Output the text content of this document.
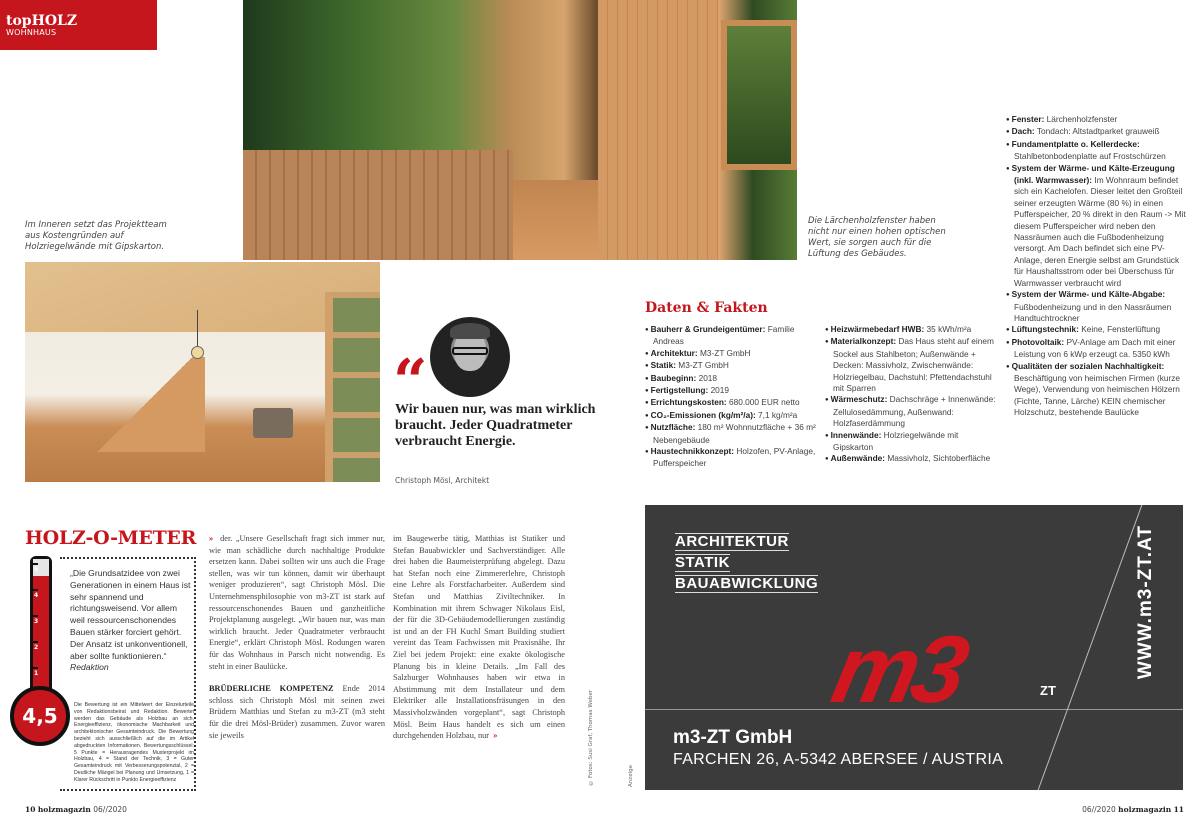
topHOLZ
WOHNHAUS
Im Inneren setzt das Projektteam aus Kostengründen auf Holzriegelwände mit Gipskarton.
Die Lärchenholzfenster haben nicht nur einen hohen optischen Wert, sie sorgen auch für die Lüftung des Gebäudes.
“
Wir bauen nur, was man wirklich braucht. Jeder Quadratmeter verbraucht Energie.
Christoph Mösl, Architekt
Daten & Fakten
● Bauherr & Grundeigentümer: Familie Andreas
● Architektur: M3-ZT GmbH
● Statik: M3-ZT GmbH
● Baubeginn: 2018
● Fertigstellung: 2019
● Errichtungskosten: 680.000 EUR netto
● CO₂-Emissionen (kg/m²/a): 7,1 kg/m²a
● Nutzfläche: 180 m² Wohnnutzfläche + 36 m² Nebengebäude
● Haustechnikkonzept: Holzofen, PV-Anlage, Pufferspeicher
● Heizwärmebedarf HWB: 35 kWh/m²a
● Materialkonzept: Das Haus steht auf einem Sockel aus Stahlbeton; Außenwände + Decken: Massivholz, Zwischenwände: Holzriegelbau, Dachstuhl: Pfettendachstuhl mit Sparren
● Wärmeschutz: Dachschräge + Innenwände: Zellulosedämmung, Außenwand: Holzfaserdämmung
● Innenwände: Holzriegelwände mit Gipskarton
● Außenwände: Massivholz, Sichtoberfläche
● Fenster: Lärchenholzfenster
● Dach: Tondach: Altstadtparket grauweiß
● Fundamentplatte o. Kellerdecke: Stahlbetonbodenplatte auf Frostschürzen
● System der Wärme- und Kälte-Erzeugung (inkl. Warmwasser): Im Wohnraum befindet sich ein Kachelofen. Dieser leitet den Großteil seiner erzeugten Wärme (80 %) in einen Pufferspeicher, 20 % direkt in den Raum -> Mit diesem Pufferspeicher wird neben den Nassräumen auch die Fußbodenheizung versorgt. Am Dach befindet sich eine PV-Anlage, deren Energie selbst am Grundstück für Haushaltsstrom oder bei Überschuss für Warmwasser verbraucht wird
● System der Wärme- und Kälte-Abgabe: Fußbodenheizung und in den Nassräumen Handtuchtrockner
● Lüftungstechnik: Keine, Fensterlüftung
● Photovoltaik: PV-Anlage am Dach mit einer Leistung von 6 kWp erzeugt ca. 5350 kWh
● Qualitäten der sozialen Nachhaltigkeit: Beschäftigung von heimischen Firmen (kurze Wege), Verwendung von heimischen Hölzern (Fichte, Tanne, Lärche) KEIN chemischer Holzschutz, bestehende Baulücke
HOLZ-O-METER
5
4
3
2
1
4,5
„Die Grundsatzidee von zwei Generationen in einem Haus ist sehr spannend und richtungsweisend. Vor allem weil ressourcenschonendes Bauen stärker forciert gehört. Der Ansatz ist unkonventionell, aber sollte funktionieren.“ Redaktion
Die Bewertung ist ein Mittelwert der Einzelurteile von Redaktionsbeirat und Redaktion. Bewertet werden das Gebäude als Holzbau an sich, Energieeffizienz, ökonomische Machbarkeit und architektonischer Gesamteindruck. Die Bewertung bezieht sich ausschließlich auf die im Artikel abgedruckten Informationen. Bewertungsschlüssel: 5 Punkte = Herausragendes Musterprojekt im Holzbau, 4 = Stand der Technik, 3 = Guter Gesamteindruck mit Verbesserungspotenzial, 2 = Deutliche Mängel bei Planung und Umsetzung, 1 = Klarer Rückschritt in Punkto Energieeffizienz

» der. „Unsere Gesellschaft fragt sich immer nur, wie man schädliche durch nachhaltige Produkte ersetzen kann. Dabei sollten wir uns auch die Frage stellen, was wir tun können, damit wir überhaupt weniger produzieren“, sagt Christoph Mösl. Die Unternehmensphilosophie von m3-ZT ist stark auf ressourcenschonendes Bauen und ganzheitliche Projektplanung ausgelegt. „Wir bauen nur, was man wirklich braucht. Jeder Quadratmeter verbraucht Energie“, erklärt Christoph Mösl. Rodungen waren für das Wohnhaus in Parsch nicht notwendig. Es steht in einer Baulücke.

BRÜDERLICHE KOMPETENZ Ende 2014 schloss sich Christoph Mösl mit seinen zwei Brüdern Matthias und Stefan zu m3-ZT (m3 steht für die drei Mösl-Brüder) zusammen. Zuvor waren sie jeweils

im Baugewerbe tätig, Matthias ist Statiker und Stefan Bauabwickler und Sachverständiger. Alle drei haben die Baumeisterprüfung abgelegt. Dazu hat Stefan noch eine Zimmererlehre, Christoph eine Lehre als Forstfacharbeiter. Außerdem sind Stefan und Matthias Ziviltechniker. In Kombination mit ihrem Schwager Nikolaus Eisl, der für die 3D-Gebäudemodellierungen zuständig ist und an der FH Kuchl Smart Building studiert vereint das Team Fachwissen mit Praxisnähe. Ihr Ziel bei jedem Projekt: eine exakte ökologische Planung bis in kleine Details. „Im Fall des Salzburger Wohnhauses haben wir etwa in Abstimmung mit dem Installateur und dem Elektriker alle Installationsfräsungen in den Massivholzwänden vorgeplant“, sagt Christoph Mösl. Beim Haus handelt es sich um einen durchgehenden Holzbau, nur »	© Fotos: Susi Graf, Thomas Weber	Anzeige
ARCHITEKTUR
STATIK
BAUABWICKLUNG
m3	ZT
WWW.m3-ZT.AT
m3-ZT GmbH
FARCHEN 26, A-5342 ABERSEE / AUSTRIA
10 holzmagazin 06//2020	06//2020 holzmagazin 11
